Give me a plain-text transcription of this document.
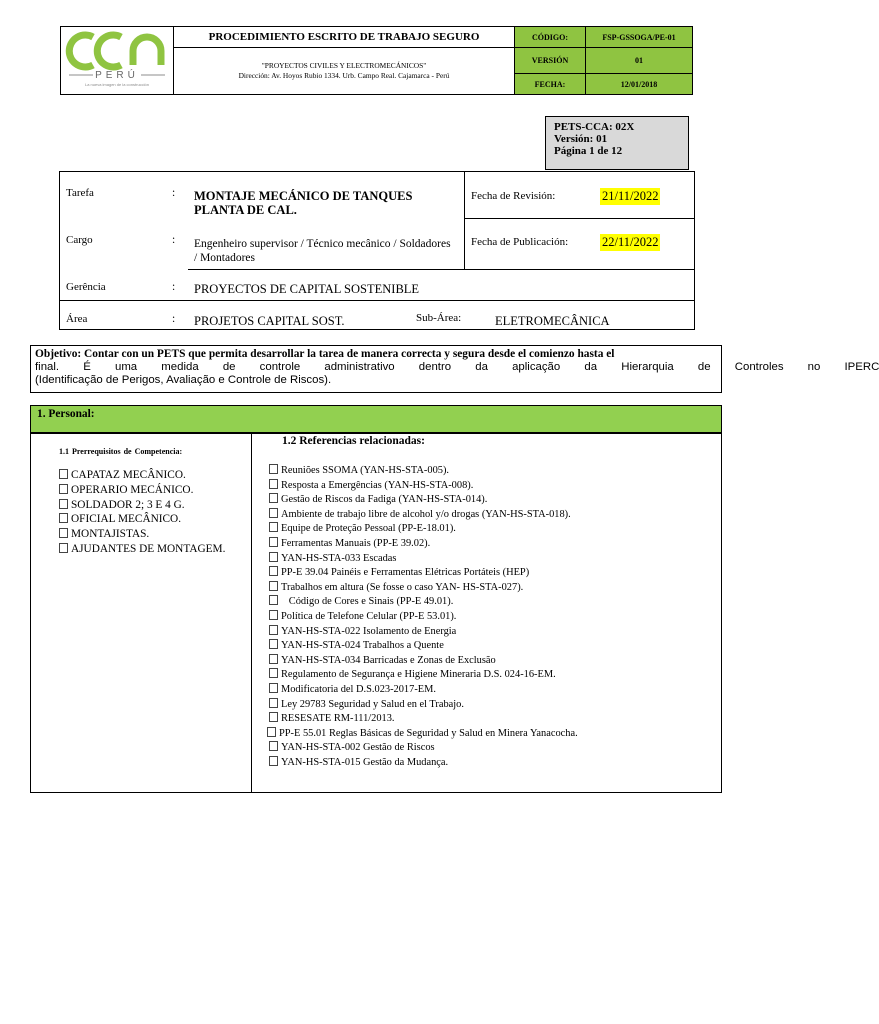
PERÚ
La nueva imagen de la construcción	PROCEDIMIENTO ESCRITO DE TRABAJO SEGURO	CÓDIGO:	FSP-GSSOGA/PE-01

	"PROYECTOS CIVILES Y ELECTROMECÁNICOS"
Dirección: Av. Hoyos Rubio 1334. Urb. Campo Real. Cajamarca - Perú	VERSIÓN	01
		FECHA:	12/01/2018
PETS-CCA: 02X
Versión: 01
Página 1 de 12
Tarefa	: MONTAJE MECÁNICO DE TANQUES PLANTA DE CAL.
Fecha de Revisión:	21/11/2022
Cargo	: Engenheiro supervisor / Técnico mecânico / Soldadores / Montadores
Fecha de Publicación:	22/11/2022
Gerência	: PROYECTOS DE CAPITAL SOSTENIBLE
Área	: PROJETOS CAPITAL SOST.	Sub-Área:	ELETROMECÂNICA
Objetivo: Contar con un PETS que permita desarrollar la tarea de manera correcta y segura desde el comienzo hasta el
final. É uma medida de controle administrativo dentro da aplicação da Hierarquia de Controles no IPERC
(Identificação de Perigos, Avaliação e Controle de Riscos).
1. Personal:
1.1 Prerrequisitos de Competencia:
CAPATAZ MECÂNICO.
OPERARIO MECÁNICO.
SOLDADOR 2; 3 E 4 G.
OFICIAL MECÂNICO.
MONTAJISTAS.
AJUDANTES DE MONTAGEM.
1.2 Referencias relacionadas:
Reuniões SSOMA (YAN-HS-STA-005).
Resposta a Emergências (YAN-HS-STA-008).
Gestão de Riscos da Fadiga (YAN-HS-STA-014).
Ambiente de trabajo libre de alcohol y/o drogas (YAN-HS-STA-018).
Equipe de Proteção Pessoal (PP-E-18.01).
Ferramentas Manuais (PP-E 39.02).
YAN-HS-STA-033 Escadas
PP-E 39.04 Painéis e Ferramentas Elétricas Portáteis (HEP)
Trabalhos em altura (Se fosse o caso YAN- HS-STA-027).
Código de Cores e Sinais (PP-E 49.01).
Política de Telefone Celular (PP-E 53.01).
YAN-HS-STA-022 Isolamento de Energia
YAN-HS-STA-024 Trabalhos a Quente
YAN-HS-STA-034 Barricadas e Zonas de Exclusão
Regulamento de Segurança e Higiene Mineraria D.S. 024-16-EM.
Modificatoria del D.S.023-2017-EM.
Ley 29783 Seguridad y Salud en el Trabajo.
RESESATE RM-111/2013.
PP-E 55.01 Reglas Básicas de Seguridad y Salud en Minera Yanacocha.
YAN-HS-STA-002 Gestão de Riscos
YAN-HS-STA-015 Gestão da Mudança.
